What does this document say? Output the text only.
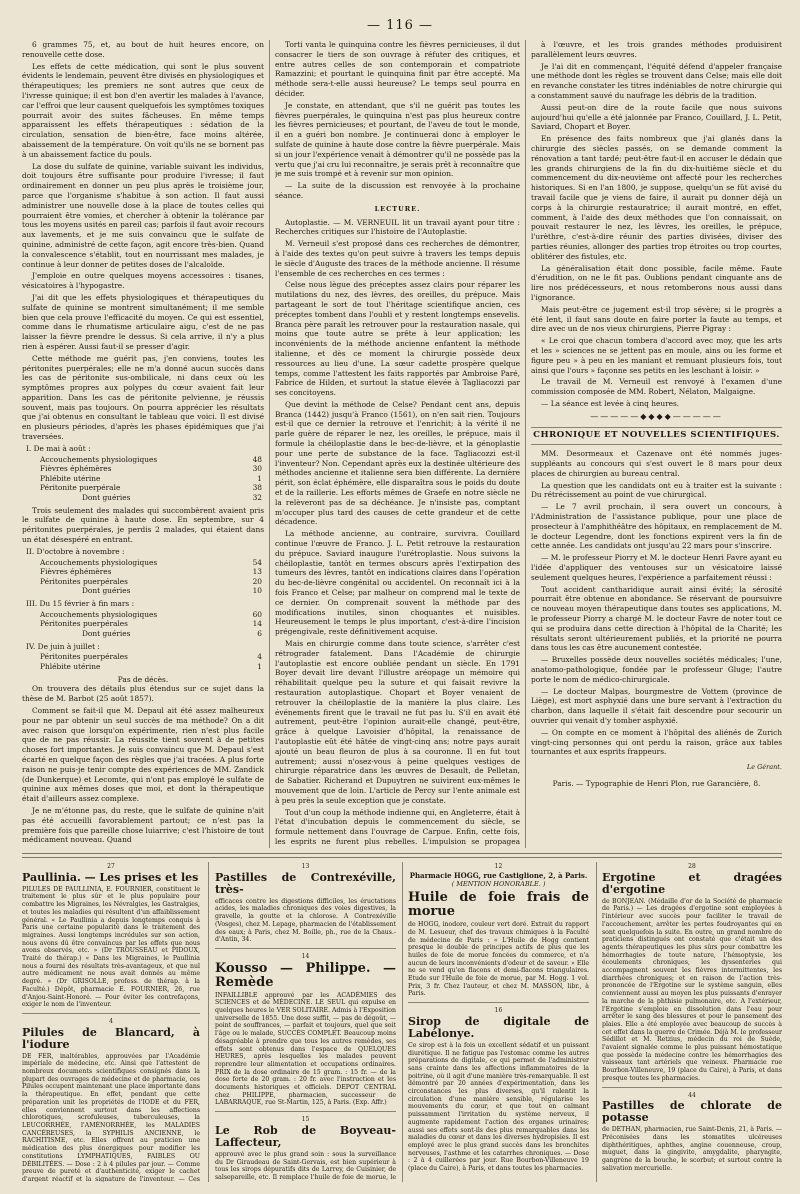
— 116 —

6 grammes 75, et, au bout de huit heures encore, on renouvelle cette dose.

Les effets de cette médication, qui sont le plus souvent évidents le lendemain, peuvent être divisés en physiologiques et thérapeutiques; les premiers ne sont autres que ceux de l'ivresse quinique; il est bon d'en avertir les malades à l'avance, car l'effroi que leur causent quelquefois les symptômes toxiques pourrait avoir des suites fâcheuses. En même temps apparaissent les effets thérapeutiques : sédation de la circulation, sensation de bien-être, face moins altérée, abaissement de la température. On voit qu'ils ne se bornent pas à un abaissement factice du pouls.

La dose du sulfate de quinine, variable suivant les individus, doit toujours être suffisante pour produire l'ivresse; il faut ordinairement en donner un peu plus après le troisième jour, parce que l'organisme s'habitue à son action. Il faut aussi administrer une nouvelle dose à la place de toutes celles qui pourraient être vomies, et chercher à obtenir la tolérance par tous les moyens usités en pareil cas; parfois il faut avoir recours aux lavements, et je me suis convaincu que le sulfate de quinine, administré de cette façon, agit encore très-bien. Quand la convalescence s'établit, tout en nourrissant mes malades, je continue à leur donner de petites doses de l'alcaloïde.

J'emploie en outre quelques moyens accessoires : tisanes, vésicatoires à l'hypogastre.

J'ai dit que les effets physiologiques et thérapeutiques du sulfate de quinine se montrent simultanément; il me semble bien que cela prouve l'efficacité du moyen. Ce qui est essentiel, comme dans le rhumatisme articulaire aigu, c'est de ne pas laisser la fièvre prendre le dessus. Si cela arrive, il n'y a plus rien à espérer. Aussi faut-il se presser d'agir.

Cette méthode me guérit pas, j'en conviens, toutes les péritonites puerpérales; elle ne m'a donné aucun succès dans les cas de péritonite sus-ombilicale, ni dans ceux où les symptômes propres aux polypes du cœur avaient fait leur apparition. Dans les cas de péritonite pelvienne, je réussis souvent, mais pas toujours. On pourra apprécier les résultats que j'ai obtenus en consultant le tableau que voici. Il est divisé en plusieurs périodes, d'après les phases épidémiques que j'ai traversées.

I. De mai à août :
Accouchements physiologiques	48
Fièvres éphémères	30
Phlébite utérine	1
Péritonite puerpérale	38
Dont guéries	32

Trois seulement des malades qui succombèrent avaient pris le sulfate de quinine à haute dose. En septembre, sur 4 péritonites puerpérales, je perdis 2 malades, qui étaient dans un état désespéré en entrant.

II. D'octobre à novembre :
Accouchements physiologiques	54
Fièvres éphémères	13
Péritonites puerpérales	20
Dont guéries	10
III. Du 15 février à fin mars :
Accouchements physiologiques	60
Péritonites puerpérales	14
Dont guéries	6
IV. De juin à juillet :
Péritonites puerpérales	4
Phlébite utérine	1
Pas de décès.

On trouvera des détails plus étendus sur ce sujet dans la thèse de M. Barbot (25 août 1857).

Comment se fait-il que M. Depaul ait été assez malheureux pour ne par obtenir un seul succès de ma méthode? On a dit avec raison que lorsqu'on expérimente, rien n'est plus facile que de ne pas réussir. La réussite tient souvent à de petites choses fort importantes. Je suis convaincu que M. Depaul s'est écarté en quelque façon des règles que j'ai tracées. A plus forte raison ne puis-je tenir compte des expériences de MM. Zandick (de Dunkerque) et Lecomte, qui n'ont pas employé le sulfate de quinine aux mêmes doses que moi, et dont la thérapeutique était d'ailleurs assez complexe.

Je ne m'étonne pas, du reste, que le sulfate de quinine n'ait pas été accueilli favorablement partout; ce n'est pas la première fois que pareille chose luiarrive; c'est l'histoire de tout médicament nouveau. Quand

Torti vanta le quinquina contre les fièvres pernicieuses, il dut consacrer le tiers de son ouvrage à réfuter des critiques, et entre autres celles de son contemporain et compatriote Ramazzini; et pourtant le quinquina finit par être accepté. Ma méthode sera-t-elle aussi heureuse? Le temps seul pourra en décider.

Je constate, en attendant, que s'il ne guérit pas toutes les fièvres puerpérales, le quinquina n'est pas plus heureux contre les fièvres pernicieuses; et pourtant, de l'aveu de tout le monde, il en a guéri bon nombre. Je continuerai donc à employer le sulfate de quinine à haute dose contre la fièvre puerpérale. Mais si un jour l'expérience venait à démontrer qu'il ne possède pas la vertu que j'ai cru lui reconnaître, je serais prêt à reconnaître que je me suis trompé et à revenir sur mon opinion.

— La suite de la discussion est renvoyée à la prochaine séance.

LECTURE.

Autoplastie. — M. VERNEUIL lit un travail ayant pour titre : Recherches critiques sur l'histoire de l'Autoplastie.

M. Verneuil s'est proposé dans ces recherches de démontrer, à l'aide des textes qu'on peut suivre à travers les temps depuis le siècle d'Auguste des traces de la méthode ancienne. Il résume l'ensemble de ces recherches en ces termes :

Celse nous lègue des préceptes assez clairs pour réparer les mutilations du nez, des lèvres, des oreilles, du prépuce. Mais partageant le sort de tout l'héritage scientifique ancien, ces préceptes tombent dans l'oubli et y restent longtemps ensevelis. Branca père paraît les retrouver pour la restauration nasale, qui moins que toute autre se prête à leur application; les inconvénients de la méthode ancienne enfantent la méthode italienne, et dès ce moment la chirurgie possède deux ressources au lieu d'une. La sœur cadette prospère quelque temps, comme l'attestent les faits rapportés par Ambroise Paré, Fabrice de Hilden, et surtout la statue élevée à Tagliacozzi par ses concitoyens.

Que devint la méthode de Celse? Pendant cent ans, depuis Branca (1442) jusqu'à Franco (1561), on n'en sait rien. Toujours est-il que ce dernier la retrouve et l'enrichit; à la vérité il ne parle guère de réparer le nez, les oreilles, le prépuce, mais il formule la chéiloplastie dans le bec-de-lièvre, et la génoplastie pour une perte de substance de la face. Tagliacozzi est-il l'inventeur? Non. Cependant après eux la destinée ultérieure des méthodes ancienne et italienne sera bien différente. La dernière périt, son éclat éphémère, elle disparaîtra sous le poids du doute et de la raillerie. Les efforts mêmes de Graefe en notre siècle ne la relèveront pas de sa déchéance. Je n'insiste pas, comptant m'occuper plus tard des causes de cette grandeur et de cette décadence.

La méthode ancienne, au contraire, survivra. Couillard continue l'œuvre de Franco. J. L. Petit retrouve la restauration du prépuce. Saviard inaugure l'urétroplastie. Nous suivons la chéiloplastie, tantôt en termes obscurs après l'extirpation des tumeurs des lèvres, tantôt en indications claires dans l'opération du bec-de-lièvre congénital ou accidentel. On reconnaît ici à la fois Franco et Celse; par malheur on comprend mal le texte de ce dernier. On comprenait souvent la méthode par des modifications inutiles, sinon choquantes et nuisibles. Heureusement le temps le plus important, c'est-à-dire l'incision prégengivale, reste définitivement acquise.

Mais en chirurgie comme dans toute science, s'arrêter c'est rétrograder fatalement. Dans l'Académie de chirurgie l'autoplastie est encore oubliée pendant un siècle. En 1791 Boyer devait lire devant l'illustre aréopage un mémoire qui réhabilitait quelque peu la suture et qui faisait revivre la restauration autoplastique. Chopart et Boyer venaient de retrouver la chéiloplastie de la manière la plus claire. Les événements firent que le travail ne fut pas lu. S'il en avait été autrement, peut-être l'opinion aurait-elle changé, peut-être, grâce à quelque Lavoisier d'hôpital, la renaissance de l'autoplastie eût été hâtée de vingt-cinq ans; notre pays aurait ajouté un beau fleuron de plus à sa couronne. Il en fut tout autrement; aussi n'osez-vous à peine quelques vestiges de chirurgie réparatrice dans les œuvres de Desault, de Pelletan, de Sabatier. Richerand et Dupuytren ne suivirent eux-mêmes le mouvement que de loin. L'article de Percy sur l'ente animale est à peu près la seule exception que je constate.

Tout d'un coup la méthode indienne qui, en Angleterre, était à l'état d'incubation depuis le commencement du siècle, se formule nettement dans l'ouvrage de Carpue. Enfin, cette fois, les esprits ne furent plus rebelles. L'impulsion se propagea

à l'œuvre, et les trois grandes méthodes produisirent parallèlement leurs œuvres.

Je l'ai dit en commençant, l'équité défend d'appeler française une méthode dont les règles se trouvent dans Celse; mais elle doit en revanche constater les titres indéniables de notre chirurgie qui a constamment sauvé du naufrage les débris de la tradition.

Aussi peut-on dire de la route facile que nous suivons aujourd'hui qu'elle a été jalonnée par Franco, Couillard, J. L. Petit, Saviard, Chopart et Boyer.

En présence des faits nombreux que j'ai glanés dans la chirurgie des siècles passés, on se demande comment la rénovation a tant tardé; peut-être faut-il en accuser le dédain que les grands chirurgiens de la fin du dix-huitième siècle et du commencement du dix-neuvième ont affecté pour les recherches historiques. Si en l'an 1800, je suppose, quelqu'un se fût avisé du travail facile que je viens de faire, il aurait pu donner déjà un corps à la chirurgie restauratrice; il aurait montré, en effet, comment, à l'aide des deux méthodes que l'on connaissait, on pouvait restaurer le nez, les lèvres, les oreilles, le prépuce, l'urèthre, c'est-à-dire réunir des parties divisées, diviser des parties réunies, allonger des parties trop étroites ou trop courtes, oblitérer des fistules, etc.

La généralisation était donc possible, facile même. Faute d'érudition, on ne le fit pas. Oublions pendant cinquante ans de lire nos prédécesseurs, et nous retomberons nous aussi dans l'ignorance.

Mais peut-être ce jugement est-il trop sévère; si le progrès a été lent, il faut sans doute en faire porter la faute au temps, et dire avec un de nos vieux chirurgiens, Pierre Pigray :

« Le croi que chacun tombera d'accord avec moy, que les arts et les » sciences ne se jettent pas en moule, ains ou les forme et figure peu » à peu en les maniant et remuant plusieurs fois, tout ainsi que l'ours » façonne ses petits en les leschant à loisir. »

Le travail de M. Verneuil est renvoyé à l'examen d'une commission composée de MM. Robert, Nélaton, Malgaigne.

— La séance est levée à cinq heures.

—————◆◆◆◆—————
CHRONIQUE ET NOUVELLES SCIENTIFIQUES.

MM. Desormeaux et Cazenave ont été nommés juges-suppléants au concours qui s'est ouvert le 8 mars pour deux places de chirurgien au bureau central.

La question que les candidats ont eu à traiter est la suivante : Du rétrécissement au point de vue chirurgical.

— Le 7 avril prochain, il sera ouvert un concours, à l'Administration de l'assistance publique, pour une place de prosecteur à l'amphithéâtre des hôpitaux, en remplacement de M. le docteur Legendre, dont les fonctions expirent vers la fin de cette année. Les candidats ont jusqu'au 22 mars pour s'inscrire.

— M. le professeur Piorry et M. le docteur Henri Favre ayant eu l'idée d'appliquer des ventouses sur un vésicatoire laissé seulement quelques heures, l'expérience a parfaitement réussi :

Tout accident cantharidique aurait ainsi évité; la sérosité pourrait être obtenue en abondance. Se réservant de poursuivre ce nouveau moyen thérapeutique dans toutes ses applications, M. le professeur Piorry a chargé M. le docteur Favre de noter tout ce qui se produira dans cette direction à l'hôpital de la Charité; les résultats seront ultérieurement publiés, et la priorité ne pourra dans tous les cas être aucunement contestée.

— Bruxelles possède deux nouvelles sociétés médicales; l'une, anatomo-pathologique, fondée par le professeur Gluge; l'autre porte le nom de médico-chirurgicale.

— Le docteur Malpas, bourgmestre de Vottem (province de Liège), est mort asphyxié dans une bure servant à l'extraction du charbon, dans laquelle il s'était fait descendre pour secourir un ouvrier qui venait d'y tomber asphyxié.

— On compte en ce moment à l'hôpital des aliénés de Zurich vingt-cinq personnes qui ont perdu la raison, grâce aux tables tournantes et aux esprits frappeurs.

Le Gérant.
Paris. — Typographie de Henri Plon, rue Garancière, 8.
27
Paullinia. — Les prises et les

PILULES DE PAULLINIA, E. FOURNIER, constituent le traitement le plus sûr et le plus populaire pour combattre les Migraines, les Névralgies, les Gastralgies, et toutes les maladies qui résultent d'un affaiblissement général. « Le Paullinia a depuis longtemps conquis à Paris une certaine popularité dans le traitement des migraines. Aussi longtemps incrédules sur son action, nous avons dû être convaincus par les effets que nous avons observés, etc. » (Dr TROUSSEAU et PIDOUX, Traité de thérap.) « Dans les Migraines, le Paullinia nous a fourni des résultats très-avantageux, et que nul autre médicament ne nous avait donnés au même degré. » (Dr GRISOLLE, profess. de thérap. à la Faculté.) Dépôt, pharmacie E. FOURNIER, 26, rue d'Anjou-Saint-Honoré. — Pour éviter les contrefaçons, exiger le nom de l'inventeur.

4
Pilules de Blancard, à l'iodure

DE FER, inaltérables, approuvées par l'Académie impériale de médecine, etc. Ainsi que l'attestent de nombreux documents scientifiques consignés dans la plupart des ouvrages de médecine et de pharmacie, ces Pilules occupent maintenant une place importante dans la thérapeutique. En effet, pendant que cette préparation unit les propriétés de l'IODE et du FER, elles conviennent surtout dans les affections chlorotiques, scrofuleuses, tuberculeuses, la LEUCORRHÉE, l'AMÉNORRHÉE, les MALADIES CANCÉREUSES, la SYPHILIS ANCIENNE, le RACHITISME, etc. Elles offrent au praticien une médication des plus énergiques pour modifier les constitutions LYMPHATIQUES, FAIBLES OU DÉBILITÉES. — Dose : 2 à 4 pilules par jour. — Comme preuve de pureté et d'authenticité, exiger le cachet d'argent réactif et la signature de l'inventeur. — Ces

13
Pastilles de Contrexéville, très-

efficaces contre les digestions difficiles, les éructations acides, les maladies chroniques des voies digestives, la gravelle, la goutte et la chlorose. A Contrexéville (Vosges), chez M. Lepage, pharmacien de l'établissement des eaux; à Paris, chez M. Boille, ph., rue de la Chaus.-d'Antin, 34.

14
Kousso — Philippe. — Remède

INFAILLIBLE approuvé par les ACADÉMIES des SCIENCES et de MÉDECINE. LE SEUL qui expulse en quelques heures le VER SOLITAIRE. Admis à l'Exposition universelle de 1855. Une dose suffit, — pas de dégoût, — point de souffrances, — parfait et toujours, quel que soit l'âge ou le malade, SUCCÈS COMPLET. Beaucoup moins désagréable à prendre que tous les autres remèdes, ses effets sont obtenus dans l'espace de QUELQUES HEURES, après lesquelles les malades peuvent reprendre leur alimentation et occupations ordinaires. PRIX de la dose ordinaire de 15 gram. : 15 fr. — de la dose forte de 20 gram. : 20 fr. avec l'instruction et les documents historiques et officiels. DEPOT CENTRAL chez PHILIPPE, pharmacien, successeur de LABARRAQUE, rue St-Martin, 125, à Paris. (Exp. Affr.)

15
Le Rob de Boyveau-Laffecteur,

approuvé avec le plus grand soin : sous la surveillance du Dr Giraudeau de Saint-Gervais, est bien supérieur à tous les sirops dépuratifs dits de Larrey, de Cuisinier, de salsepareille, etc. Il remplace l'huile de foie de morue, le

12
Pharmacie HOGG, rue Castiglione, 2, à Paris.
( MENTION HONORABLE. )
Huile de foie frais de morue

de HOGG, inodore, couleur vert doré. Extrait du rapport de M. Lesueur, chef des travaux chimiques à la Faculté de médecine de Paris : « L'Huile de Hogg contient presque le double de principes actifs de plus que les huiles de foie de morue foncées du commerce, et n'a aucun de leurs inconvénients d'odeur et de saveur. » Elle ne se vend qu'en flacons et demi-flacons triangulaires. Etude sur l'Huile de foie de morue, par M. Hogg. 1 vol. Prix, 3 fr. Chez l'auteur, et chez M. MASSON, libr., à Paris.

16
Sirop de digitale de Labélonye.

Ce sirop est à la fois un excellent sédatif et un puissant diurétique. Il ne fatigue pas l'estomac comme les autres préparations de digitale, ce qui permet de l'administrer sans crainte dans les affections inflammatoires de la poitrine, où il agit d'une manière très-remarquable. Il est démontré par 20 années d'expérimentation, dans les circonstances les plus diverses, qu'il ralentit la circulation d'une manière sensible, régularise les mouvements du cœur, et que tout en calmant puissamment l'irritation du système nerveux, il augmente rapidement l'action des organes urinaires; aussi ses effets sont-ils des plus remarquables dans les maladies du cœur et dans les diverses hydropisies. Il est employé avec le plus grand succès dans les bronchites nerveuses, l'asthme et les catarrhes chroniques. — Dose : 2 à 4 cuillerées par jour. Rue Bourbon-Villeneuve 19 (place du Caire), à Paris, et dans toutes les pharmacies.

28
Ergotine et dragées d'ergotine

de BONJEAN. (Médaille d'or de la Société de pharmacie de Paris.) — Les dragées d'ergotine sont employées à l'intérieur avec succès pour faciliter le travail de l'accouchement, arrêter les pertes foudroyantes qui en sont quelquefois la suite. En outre, un grand nombre de praticiens distingués ont constaté que c'était un des agents thérapeutiques les plus sûrs pour combattre les hémorrhagies de toute nature, l'hémoptysie, les écoulements chroniques, les dyssenteries qui accompagnent souvent les fièvres intermittentes, les diarrhées chroniques; et en raison de l'action très-prononcée de l'Ergotine sur le système sanguin, elles conviennent aussi au moyen les plus puissants d'enrayer la marche de la phthisie pulmonaire, etc. A l'extérieur, l'Ergotine s'emploie en dissolution dans l'eau pour arrêter le sang des blessures et pour le pansement des plaies. Elle a été employée avec beaucoup de succès à cet effet dans la guerre de Crimée. Déjà M. le professeur Sédillot et M. Retzius, médecin du roi de Suède, l'avaient signalée comme le plus puissant hémostatique que possède la médecine contre les hémorrhagies des vaisseaux tant artériels que veineux. Pharmacie rue Bourbon-Villeneuve, 19 (place du Caire), à Paris, et dans presque toutes les pharmacies.

44
Pastilles de chlorate de potasse

de DETHAN, pharmacien, rue Saint-Denis, 21, à Paris. — Préconisées dans les stomatites ulcéreuses diphthéritiques, aphthes, angine couenneuse, croup, muguet, dans la gingivite, amygdalite, pharyngite, gangrène de la bouche, le scorbut; et surtout contre la salivation mercurielle.
